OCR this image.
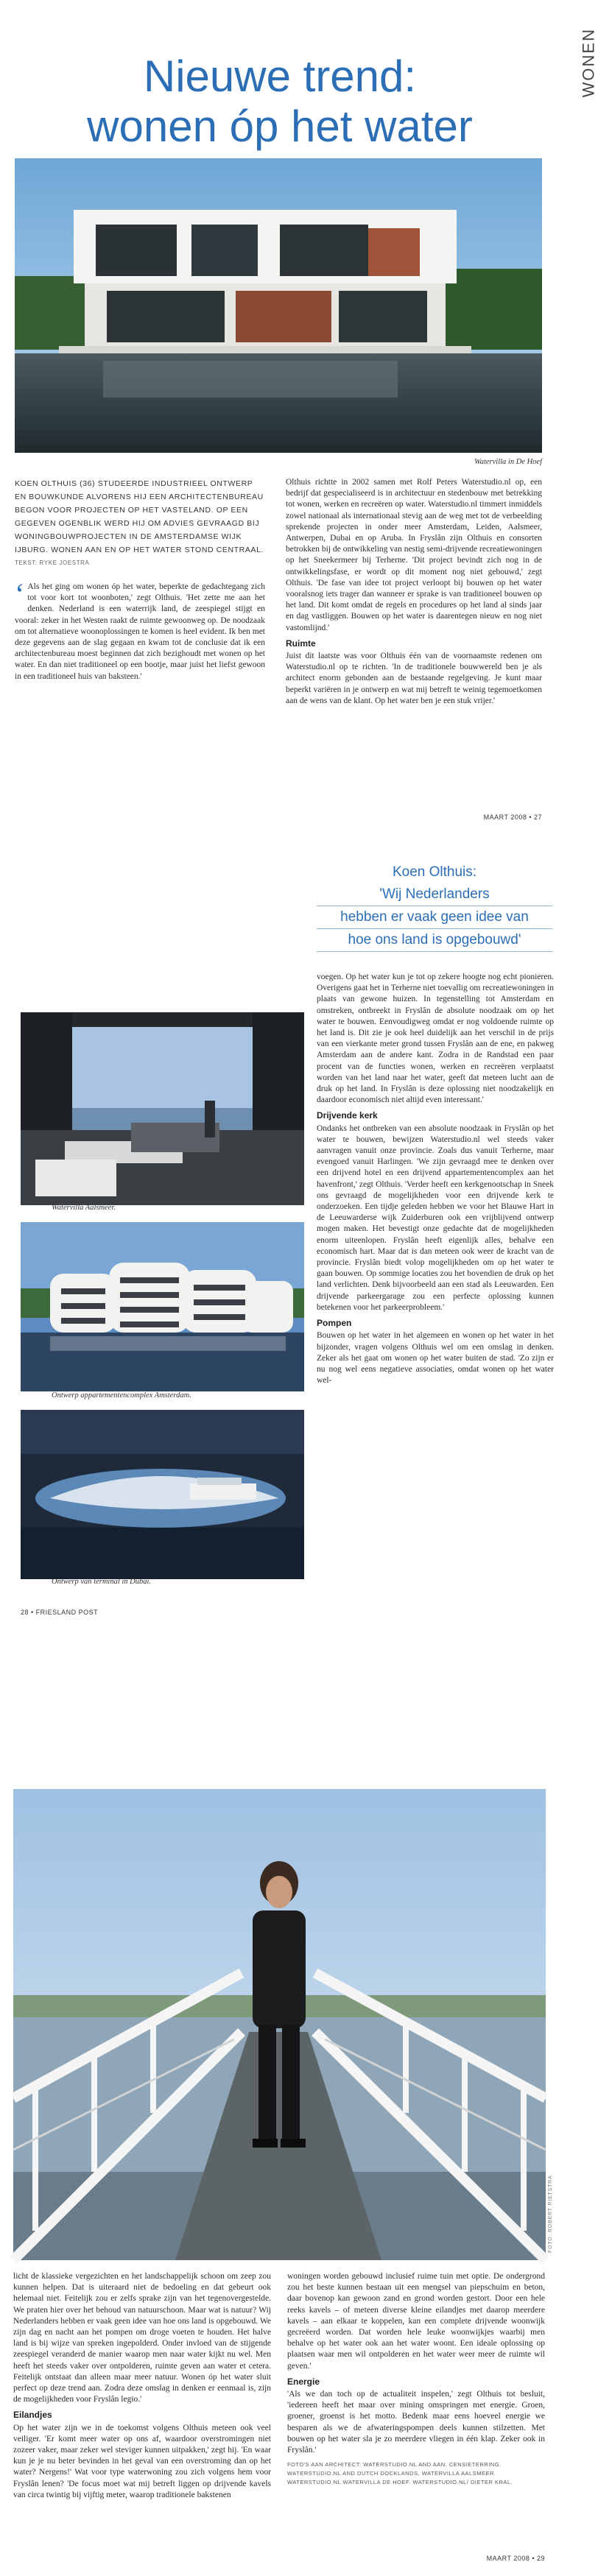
WONEN
Nieuwe trend:
wonen óp het water
Watervilla in De Hoef
KOEN OLTHUIS (36) STUDEERDE INDUSTRIEEL ONTWERP EN BOUWKUNDE ALVORENS HIJ EEN ARCHITECTENBUREAU BEGON VOOR PROJECTEN OP HET VASTELAND. OP EEN GEGEVEN OGENBLIK WERD HIJ OM ADVIES GEVRAAGD BIJ WONINGBOUWPROJECTEN IN DE AMSTERDAMSE WIJK IJBURG. WONEN AAN EN OP HET WATER STOND CENTRAAL.
TEKST: RYKE JOESTRA

‘ Als het ging om wonen óp het water, beperkte de gedachtegang zich tot voor kort tot woonboten,' zegt Olthuis. 'Het zette me aan het denken. Nederland is een waterrijk land, de zeespiegel stijgt en vooral: zeker in het Westen raakt de ruimte gewoonweg op. De noodzaak om tot alternatieve woonoplossingen te komen is heel evident. Ik ben met deze gegevens aan de slag gegaan en kwam tot de conclusie dat ik een architectenbureau moest beginnen dat zich bezighoudt met wonen op het water. En dan niet traditioneel op een bootje, maar juist het liefst gewoon in een traditioneel huis van baksteen.'

Olthuis richtte in 2002 samen met Rolf Peters Waterstudio.nl op, een bedrijf dat gespecialiseerd is in architectuur en stedenbouw met betrekking tot wonen, werken en recreëren op water. Waterstudio.nl timmert inmiddels zowel nationaal als internationaal stevig aan de weg met tot de verbeelding sprekende projecten in onder meer Amsterdam, Leiden, Aalsmeer, Antwerpen, Dubai en op Aruba. In Fryslân zijn Olthuis en consorten betrokken bij de ontwikkeling van nestig semi-drijvende recreatiewoningen op het Sneekermeer bij Terherne. 'Dit project bevindt zich nog in de ontwikkelingsfase, er wordt op dit moment nog niet gebouwd,' zegt Olthuis. 'De fase van idee tot project verloopt bij bouwen op het water vooralsnog iets trager dan wanneer er sprake is van traditioneel bouwen op het land. Dit komt omdat de regels en procedures op het land al sinds jaar en dag vastliggen. Bouwen op het water is daarentegen nieuw en nog niet vastomlijnd.'

Ruimte

Juist dit laatste was voor Olthuis één van de voornaamste redenen om Waterstudio.nl op te richten. 'In de traditionele bouwwereld ben je als architect enorm gebonden aan de bestaande regelgeving. Je kunt maar beperkt variëren in je ontwerp en wat mij betreft te weinig tegemoetkomen aan de wens van de klant. Op het water ben je een stuk vrijer.'

MAART 2008 • 27
Watervilla Aalsmeer.
Ontwerp appartementencomplex Amsterdam.
Ontwerp van terminal in Dubai.
Koen Olthuis:
'Wij Nederlanders
hebben er vaak geen idee van
hoe ons land is opgebouwd'

voegen. Op het water kun je tot op zekere hoogte nog echt pionieren. Overigens gaat het in Terherne niet toevallig om recreatiewoningen in plaats van gewone huizen. In tegenstelling tot Amsterdam en omstreken, ontbreekt in Fryslân de absolute noodzaak om op het water te bouwen. Eenvoudigweg omdat er nog voldoende ruimte op het land is. Dit zie je ook heel duidelijk aan het verschil in de prijs van een vierkante meter grond tussen Fryslân aan de ene, en pakweg Amsterdam aan de andere kant. Zodra in de Randstad een paar procent van de functies wonen, werken en recreëren verplaatst worden van het land naar het water, geeft dat meteen lucht aan de druk op het land. In Fryslân is deze oplossing niet noodzakelijk en daardoor economisch niet altijd even interessant.'

Drijvende kerk

Ondanks het ontbreken van een absolute noodzaak in Fryslân op het water te bouwen, bewijzen Waterstudio.nl wel steeds vaker aanvragen vanuit onze provincie. Zoals dus vanuit Terherne, maar evengoed vanuit Harlingen. 'We zijn gevraagd mee te denken over een drijvend hotel en een drijvend appartementencomplex aan het havenfront,' zegt Olthuis. 'Verder heeft een kerkgenootschap in Sneek ons gevraagd de mogelijkheden voor een drijvende kerk te onderzoeken. Een tijdje geleden hebben we voor het Blauwe Hart in de Leeuwarderse wijk Zuiderburen ook een vrijblijvend ontwerp mogen maken. Het bevestigt onze gedachte dat de mogelijkheden enorm uiteenlopen. Fryslân heeft eigenlijk alles, behalve een economisch hart. Maar dat is dan meteen ook weer de kracht van de provincie. Fryslân biedt volop mogelijkheden om op het water te gaan bouwen. Op sommige locaties zou het bovendien de druk op het land verlichten. Denk bijvoorbeeld aan een stad als Leeuwarden. Een drijvende parkeergarage zou een perfecte oplossing kunnen betekenen voor het parkeerprobleem.'

Pompen

Bouwen op het water in het algemeen en wonen op het water in het bijzonder, vragen volgens Olthuis wel om een omslag in denken. Zeker als het gaat om wonen op het water buiten de stad. 'Zo zijn er nu nog wel eens negatieve associaties, omdat wonen op het water wel-

28 • FRIESLAND POST
FOTO: ROBERT RIETSTRA

licht de klassieke vergezichten en het landschappelijk schoon om zeep zou kunnen helpen. Dat is uiteraard niet de bedoeling en dat gebeurt ook helemaal niet. Feitelijk zou er zelfs sprake zijn van het tegenovergestelde. We praten hier over het behoud van natuurschoon. Maar wat is natuur? Wij Nederlanders hebben er vaak geen idee van hoe ons land is opgebouwd. We zijn dag en nacht aan het pompen om droge voeten te houden. Het halve land is bij wijze van spreken ingepolderd. Onder invloed van de stijgende zeespiegel veranderd de manier waarop men naar water kijkt nu wel. Men heeft het steeds vaker over ontpolderen, ruimte geven aan water et cetera. Feitelijk ontstaat dan alleen maar meer natuur. Wonen óp het water sluit perfect op deze trend aan. Zodra deze omslag in denken er eenmaal is, zijn de mogelijkheden voor Fryslân legio.'

Eilandjes

Op het water zijn we in de toekomst volgens Olthuis meteen ook veel veiliger. 'Er komt meer water op ons af, waardoor overstromingen niet zozeer vaker, maar zeker wel steviger kunnen uitpakken,' zegt hij. 'En waar kun je je nu beter bevinden in het geval van een overstroming dan op het water? Nergens!' Wat voor type waterwoning zou zich volgens hem voor Fryslân lenen? 'De focus moet wat mij betreft liggen op drijvende kavels van circa twintig bij vijftig meter, waarop traditionele bakstenen

woningen worden gebouwd inclusief ruime tuin met optie. De ondergrond zou het beste kunnen bestaan uit een mengsel van piepschuim en beton, daar bovenop kan gewoon zand en grond worden gestort. Door een hele reeks kavels – of meteen diverse kleine eilandjes met daarop meerdere kavels – aan elkaar te koppelen, kan een complete drijvende woonwijk gecreëerd worden. Dat worden hele leuke woonwijkjes waarbij men behalve op het water ook aan het water woont. Een ideale oplossing op plaatsen waar men wil ontpolderen en het water weer meer de ruimte wil geven.'

Energie

'Als we dan toch op de actualiteit inspelen,' zegt Olthuis tot besluit, 'iedereen heeft het maar over mining omspringen met energie. Groen, groener, groenst is het motto. Bedenk maar eens hoeveel energie we besparen als we de afwateringspompen deels kunnen stilzetten. Met bouwen op het water sla je zo meerdere vliegen in één klap. Zeker ook in Fryslân.'

FOTO'S AAN ARCHITECT: WATERSTUDIO.NL AND AAN. CENSIETERRING. WATERSTUDIO.NL AND DUTCH DOCKLANDS, WATERVILLA AALSMEER. WATERSTUDIO.NL WATERVILLA DE HOEF. WATERSTUDIO.NL/ DIETER KRAL.

MAART 2008 • 29
